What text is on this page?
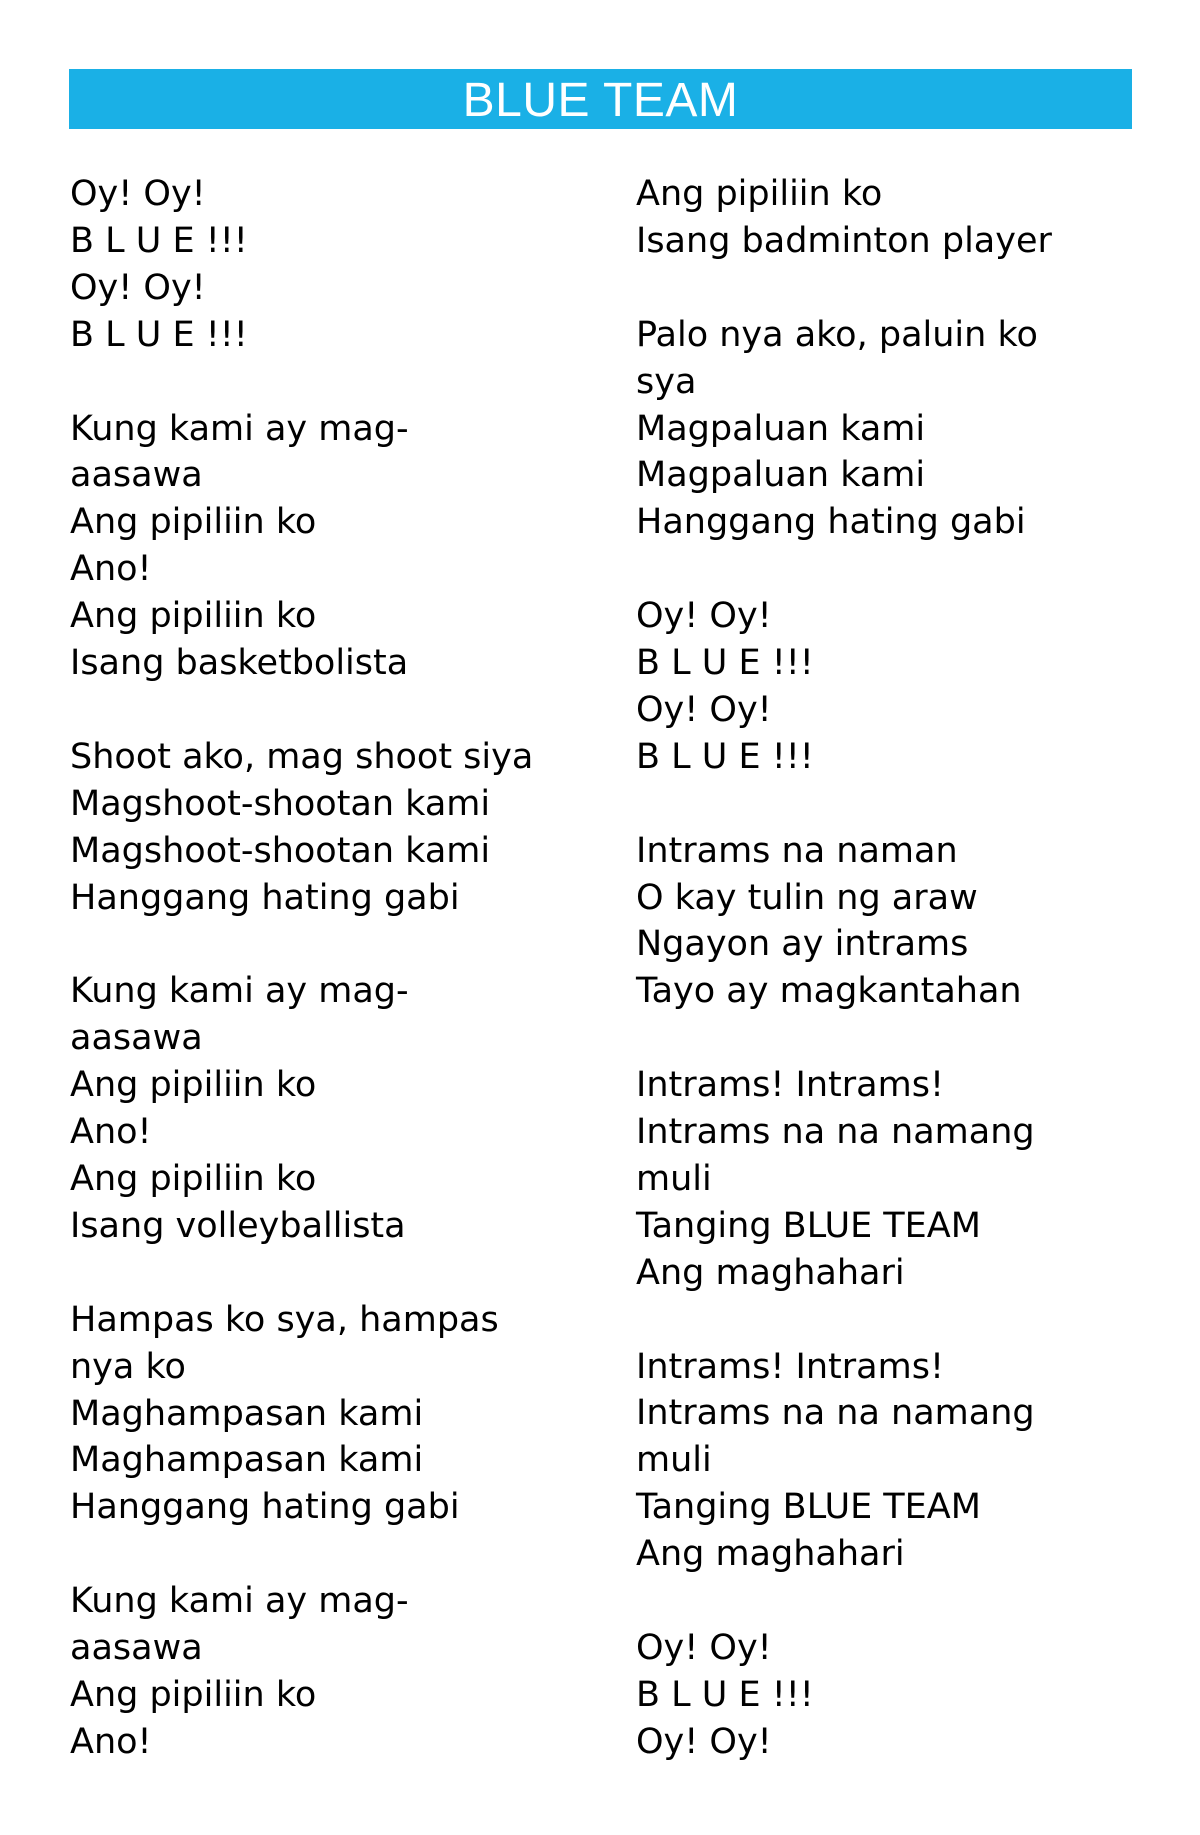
BLUE TEAM
Oy! Oy!
B L U E !!!
Oy! Oy!
B L U E !!!
Kung kami ay mag-
aasawa
Ang pipiliin ko
Ano!
Ang pipiliin ko
Isang basketbolista
Shoot ako, mag shoot siya
Magshoot-shootan kami
Magshoot-shootan kami
Hanggang hating gabi
Kung kami ay mag-
aasawa
Ang pipiliin ko
Ano!
Ang pipiliin ko
Isang volleyballista
Hampas ko sya, hampas
nya ko
Maghampasan kami
Maghampasan kami
Hanggang hating gabi
Kung kami ay mag-
aasawa
Ang pipiliin ko
Ano!
Ang pipiliin ko
Isang badminton player
Palo nya ako, paluin ko
sya
Magpaluan kami
Magpaluan kami
Hanggang hating gabi
Oy! Oy!
B L U E !!!
Oy! Oy!
B L U E !!!
Intrams na naman
O kay tulin ng araw
Ngayon ay intrams
Tayo ay magkantahan
Intrams! Intrams!
Intrams na na namang
muli
Tanging BLUE TEAM
Ang maghahari
Intrams! Intrams!
Intrams na na namang
muli
Tanging BLUE TEAM
Ang maghahari
Oy! Oy!
B L U E !!!
Oy! Oy!
